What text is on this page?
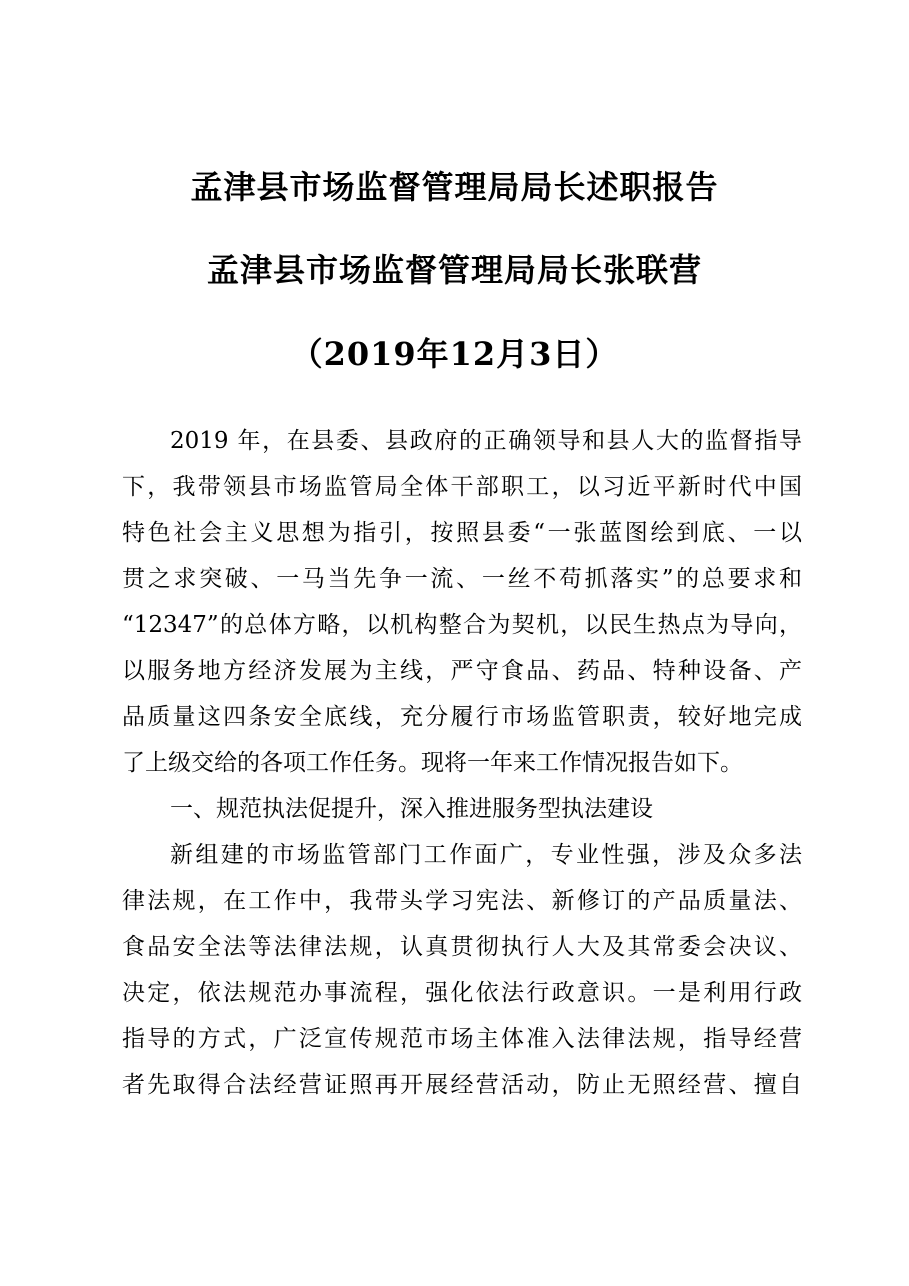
孟津县市场监督管理局局长述职报告
孟津县市场监督管理局局长张联营
（2019年12月3日）
2019 年，在县委、县政府的正确领导和县人大的监督指导
下，我带领县市场监管局全体干部职工，以习近平新时代中国
特色社会主义思想为指引，按照县委“一张蓝图绘到底、一以
贯之求突破、一马当先争一流、一丝不苟抓落实”的总要求和
“12347”的总体方略，以机构整合为契机，以民生热点为导向，
以服务地方经济发展为主线，严守食品、药品、特种设备、产
品质量这四条安全底线，充分履行市场监管职责，较好地完成
了上级交给的各项工作任务。现将一年来工作情况报告如下。
一、规范执法促提升，深入推进服务型执法建设
新组建的市场监管部门工作面广，专业性强，涉及众多法
律法规，在工作中，我带头学习宪法、新修订的产品质量法、
食品安全法等法律法规，认真贯彻执行人大及其常委会决议、
决定，依法规范办事流程，强化依法行政意识。一是利用行政
指导的方式，广泛宣传规范市场主体准入法律法规，指导经营
者先取得合法经营证照再开展经营活动，防止无照经营、擅自
